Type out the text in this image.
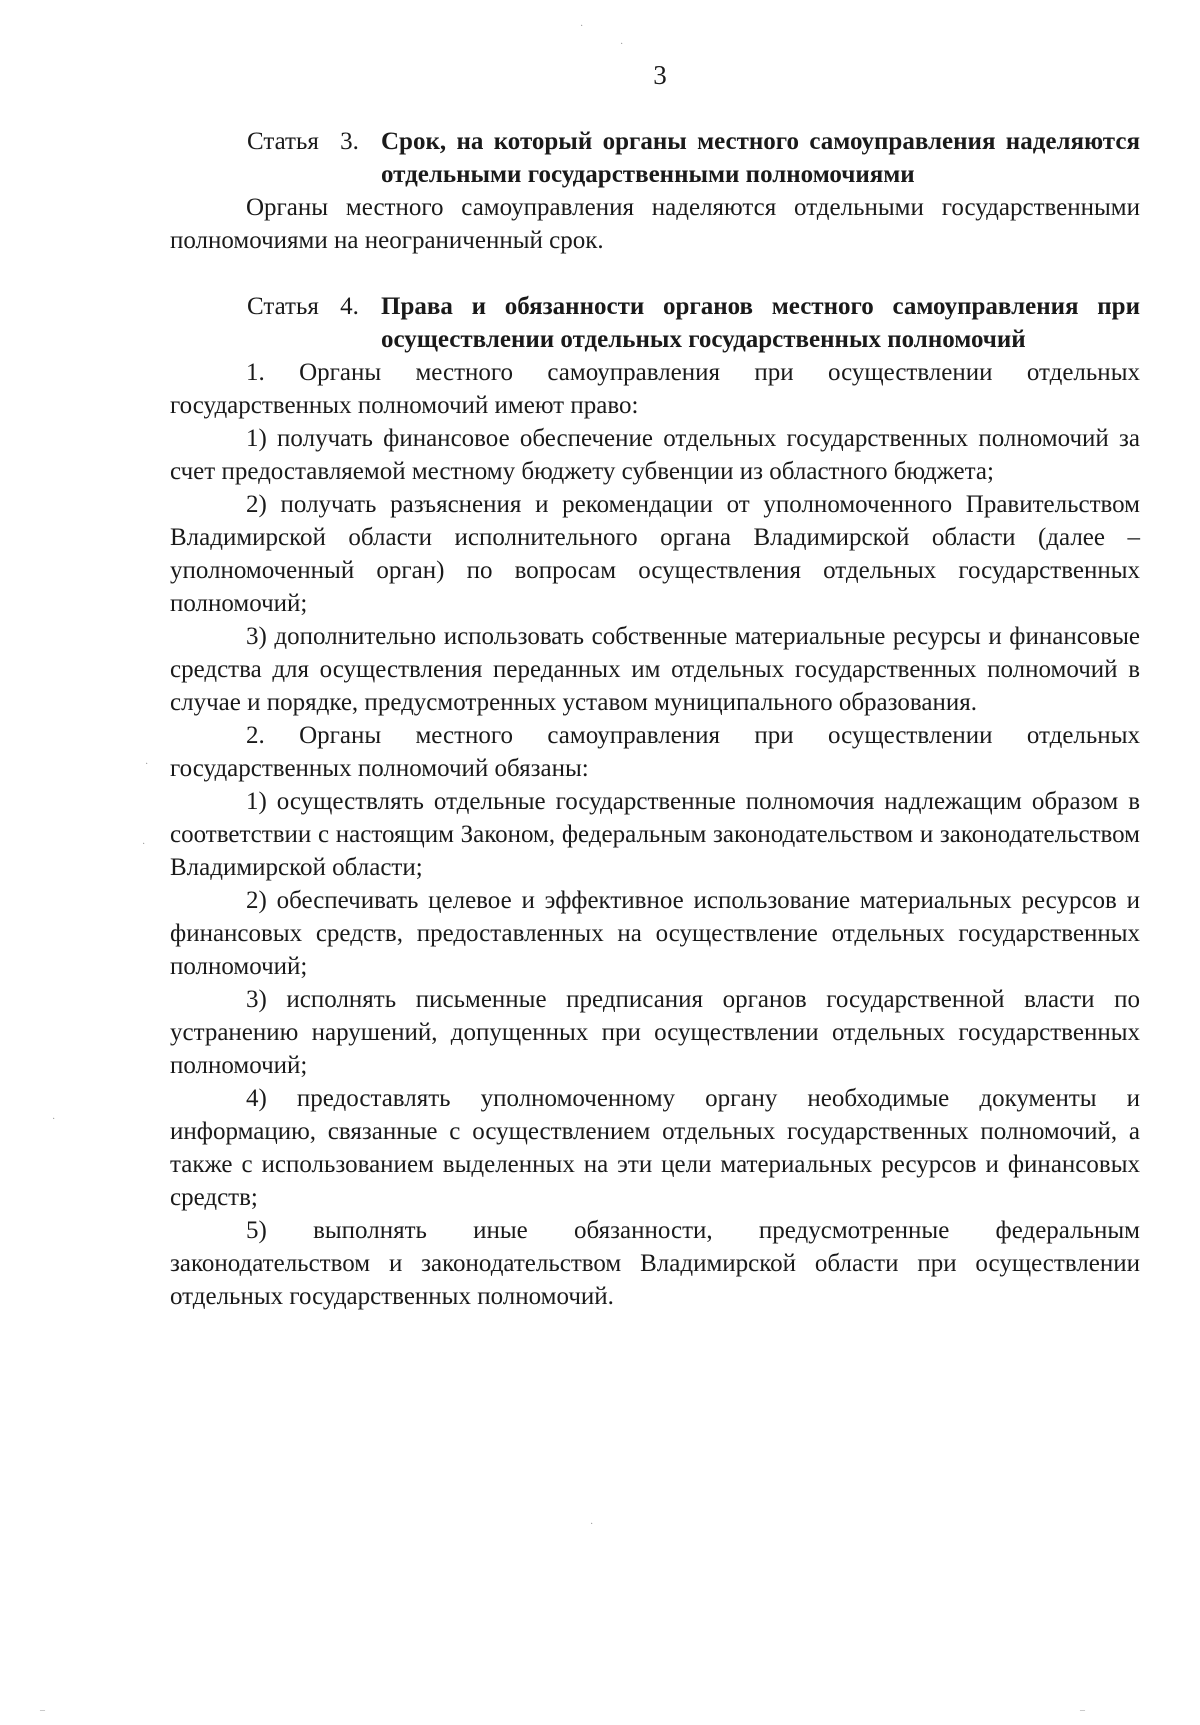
3
Статья 3. Срок, на который органы местного самоуправления наделяются отдельными государственными полномочиями

Органы местного самоуправления наделяются отдельными государственными полномочиями на неограниченный срок.

Статья 4. Права и обязанности органов местного самоуправления при осуществлении отдельных государственных полномочий

1. Органы местного самоуправления при осуществлении отдельных государственных полномочий имеют право:

1) получать финансовое обеспечение отдельных государственных полномочий за счет предоставляемой местному бюджету субвенции из областного бюджета;

2) получать разъяснения и рекомендации от уполномоченного Правительством Владимирской области исполнительного органа Владимирской области (далее – уполномоченный орган) по вопросам осуществления отдельных государственных полномочий;

3) дополнительно использовать собственные материальные ресурсы и финансовые средства для осуществления переданных им отдельных государственных полномочий в случае и порядке, предусмотренных уставом муниципального образования.

2. Органы местного самоуправления при осуществлении отдельных государственных полномочий обязаны:

1) осуществлять отдельные государственные полномочия надлежащим образом в соответствии с настоящим Законом, федеральным законодательством и законодательством Владимирской области;

2) обеспечивать целевое и эффективное использование материальных ресурсов и финансовых средств, предоставленных на осуществление отдельных государственных полномочий;

3) исполнять письменные предписания органов государственной власти по устранению нарушений, допущенных при осуществлении отдельных государственных полномочий;

4) предоставлять уполномоченному органу необходимые документы и информацию, связанные с осуществлением отдельных государственных полномочий, а также с использованием выделенных на эти цели материальных ресурсов и финансовых средств;

5) выполнять иные обязанности, предусмотренные федеральным законодательством и законодательством Владимирской области при осуществлении отдельных государственных полномочий.

·
·
·
·
·
·
–	–
